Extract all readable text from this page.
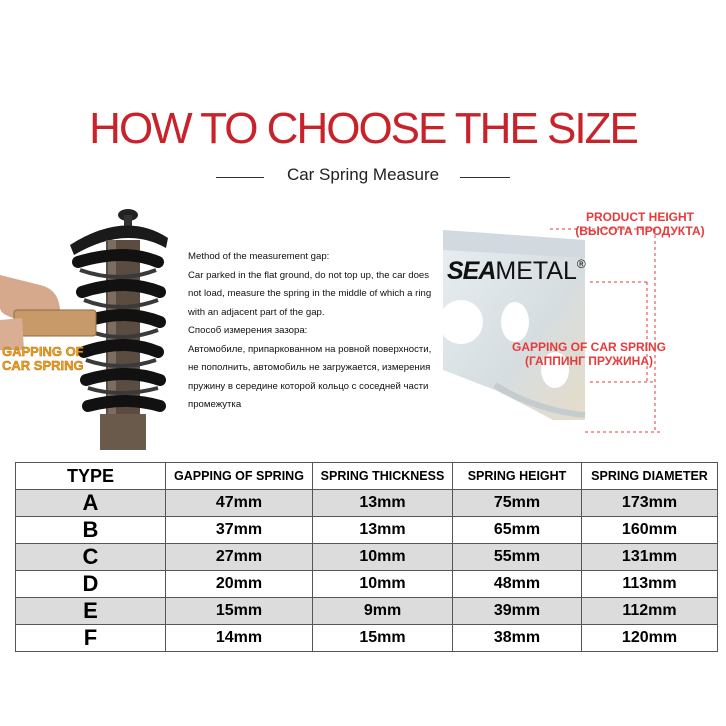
HOW TO CHOOSE THE SIZE
Car Spring Measure
GAPPING OF
CAR SPRING

Method of the measurement gap:

Car parked in the flat ground, do not top up, the car does not load, measure the spring in the middle of which a ring with an adjacent part of the gap.

Способ измерения зазора:

Автомобиле, припаркованном на ровной поверхности, не пополнить, автомобиль не загружается, измерения пружину в середине которой кольцо с соседней части промежутка

SEAMETAL®
PRODUCT HEIGHT
(ВЫСОТА ПРОДУКТА)
GAPPING OF CAR SPRING
(ГАППИНГ ПРУЖИНА)
TYPE	GAPPING OF SPRING	SPRING THICKNESS	SPRING HEIGHT	SPRING DIAMETER
A	47mm	13mm	75mm	173mm
B	37mm	13mm	65mm	160mm
C	27mm	10mm	55mm	131mm
D	20mm	10mm	48mm	113mm
E	15mm	9mm	39mm	112mm
F	14mm	15mm	38mm	120mm
